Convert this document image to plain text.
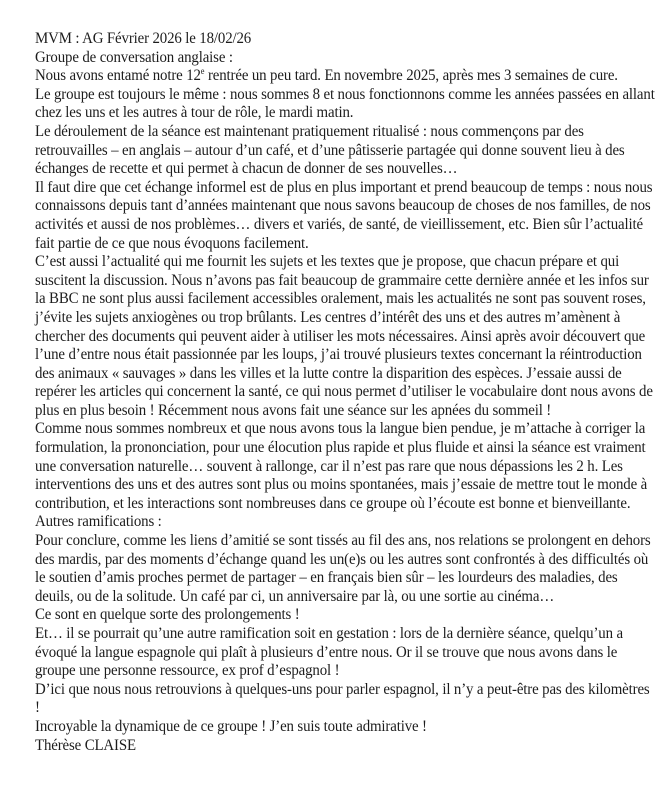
MVM : AG Février 2026 le 18/02/26

Groupe de conversation anglaise :

Nous avons entamé notre 12e rentrée un peu tard. En novembre 2025, après mes 3 semaines de cure.

Le groupe est toujours le même : nous sommes 8 et nous fonctionnons comme les années passées en allant chez les uns et les autres à tour de rôle, le mardi matin.

Le déroulement de la séance est maintenant pratiquement ritualisé : nous commençons par des retrouvailles – en anglais – autour d’un café, et d’une pâtisserie partagée qui donne souvent lieu à des échanges de recette et qui permet à chacun de donner de ses nouvelles…

Il faut dire que cet échange informel est de plus en plus important et prend beaucoup de temps : nous nous connaissons depuis tant d’années maintenant que nous savons beaucoup de choses de nos familles, de nos activités et aussi de nos problèmes… divers et variés, de santé, de vieillissement, etc. Bien sûr l’actualité fait partie de ce que nous évoquons facilement.

C’est aussi l’actualité qui me fournit les sujets et les textes que je propose, que chacun prépare et qui suscitent la discussion. Nous n’avons pas fait beaucoup de grammaire cette dernière année et les infos sur la BBC ne sont plus aussi facilement accessibles oralement, mais les actualités ne sont pas souvent roses, j’évite les sujets anxiogènes ou trop brûlants. Les centres d’intérêt des uns et des autres m’amènent à chercher des documents qui peuvent aider à utiliser les mots nécessaires. Ainsi après avoir découvert que l’une d’entre nous était passionnée par les loups, j’ai trouvé plusieurs textes concernant la réintroduction des animaux « sauvages » dans les villes et la lutte contre la disparition des espèces. J’essaie aussi de repérer les articles qui concernent la santé, ce qui nous permet d’utiliser le vocabulaire dont nous avons de plus en plus besoin ! Récemment nous avons fait une séance sur les apnées du sommeil !

Comme nous sommes nombreux et que nous avons tous la langue bien pendue, je m’attache à corriger la formulation, la prononciation, pour une élocution plus rapide et plus fluide et ainsi la séance est vraiment une conversation naturelle… souvent à rallonge, car il n’est pas rare que nous dépassions les 2 h. Les interventions des uns et des autres sont plus ou moins spontanées, mais j’essaie de mettre tout le monde à contribution, et les interactions sont nombreuses dans ce groupe où l’écoute est bonne et bienveillante.

Autres ramifications :

Pour conclure, comme les liens d’amitié se sont tissés au fil des ans, nos relations se prolongent en dehors des mardis, par des moments d’échange quand les un(e)s ou les autres sont confrontés à des difficultés où le soutien d’amis proches permet de partager – en français bien sûr – les lourdeurs des maladies, des deuils, ou de la solitude. Un café par ci, un anniversaire par là, ou une sortie au cinéma…

Ce sont en quelque sorte des prolongements !

Et… il se pourrait qu’une autre ramification soit en gestation : lors de la dernière séance, quelqu’un a évoqué la langue espagnole qui plaît à plusieurs d’entre nous. Or il se trouve que nous avons dans le groupe une personne ressource, ex prof d’espagnol !

D’ici que nous nous retrouvions à quelques-uns pour parler espagnol, il n’y a peut-être pas des kilomètres !

Incroyable la dynamique de ce groupe ! J’en suis toute admirative !

Thérèse CLAISE
